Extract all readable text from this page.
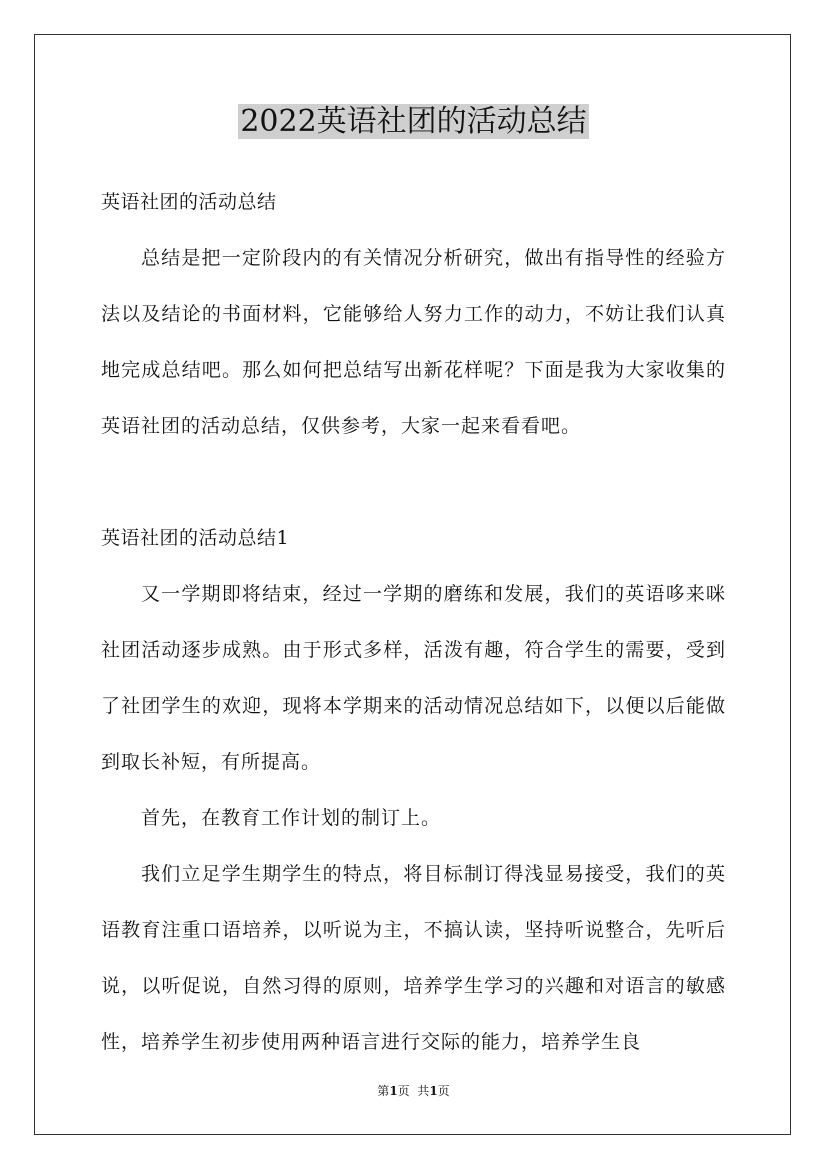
2022英语社团的活动总结

英语社团的活动总结

总结是把一定阶段内的有关情况分析研究，做出有指导性的经验方法以及结论的书面材料，它能够给人努力工作的动力，不妨让我们认真地完成总结吧。那么如何把总结写出新花样呢？下面是我为大家收集的英语社团的活动总结，仅供参考，大家一起来看看吧。

英语社团的活动总结1

又一学期即将结束，经过一学期的磨练和发展，我们的英语哆来咪社团活动逐步成熟。由于形式多样，活泼有趣，符合学生的需要，受到了社团学生的欢迎，现将本学期来的活动情况总结如下，以便以后能做到取长补短，有所提高。

首先，在教育工作计划的制订上。

我们立足学生期学生的特点，将目标制订得浅显易接受，我们的英语教育注重口语培养，以听说为主，不搞认读，坚持听说整合，先听后说，以听促说，自然习得的原则，培养学生学习的兴趣和对语言的敏感性，培养学生初步使用两种语言进行交际的能力，培养学生良

第1页  共1页
